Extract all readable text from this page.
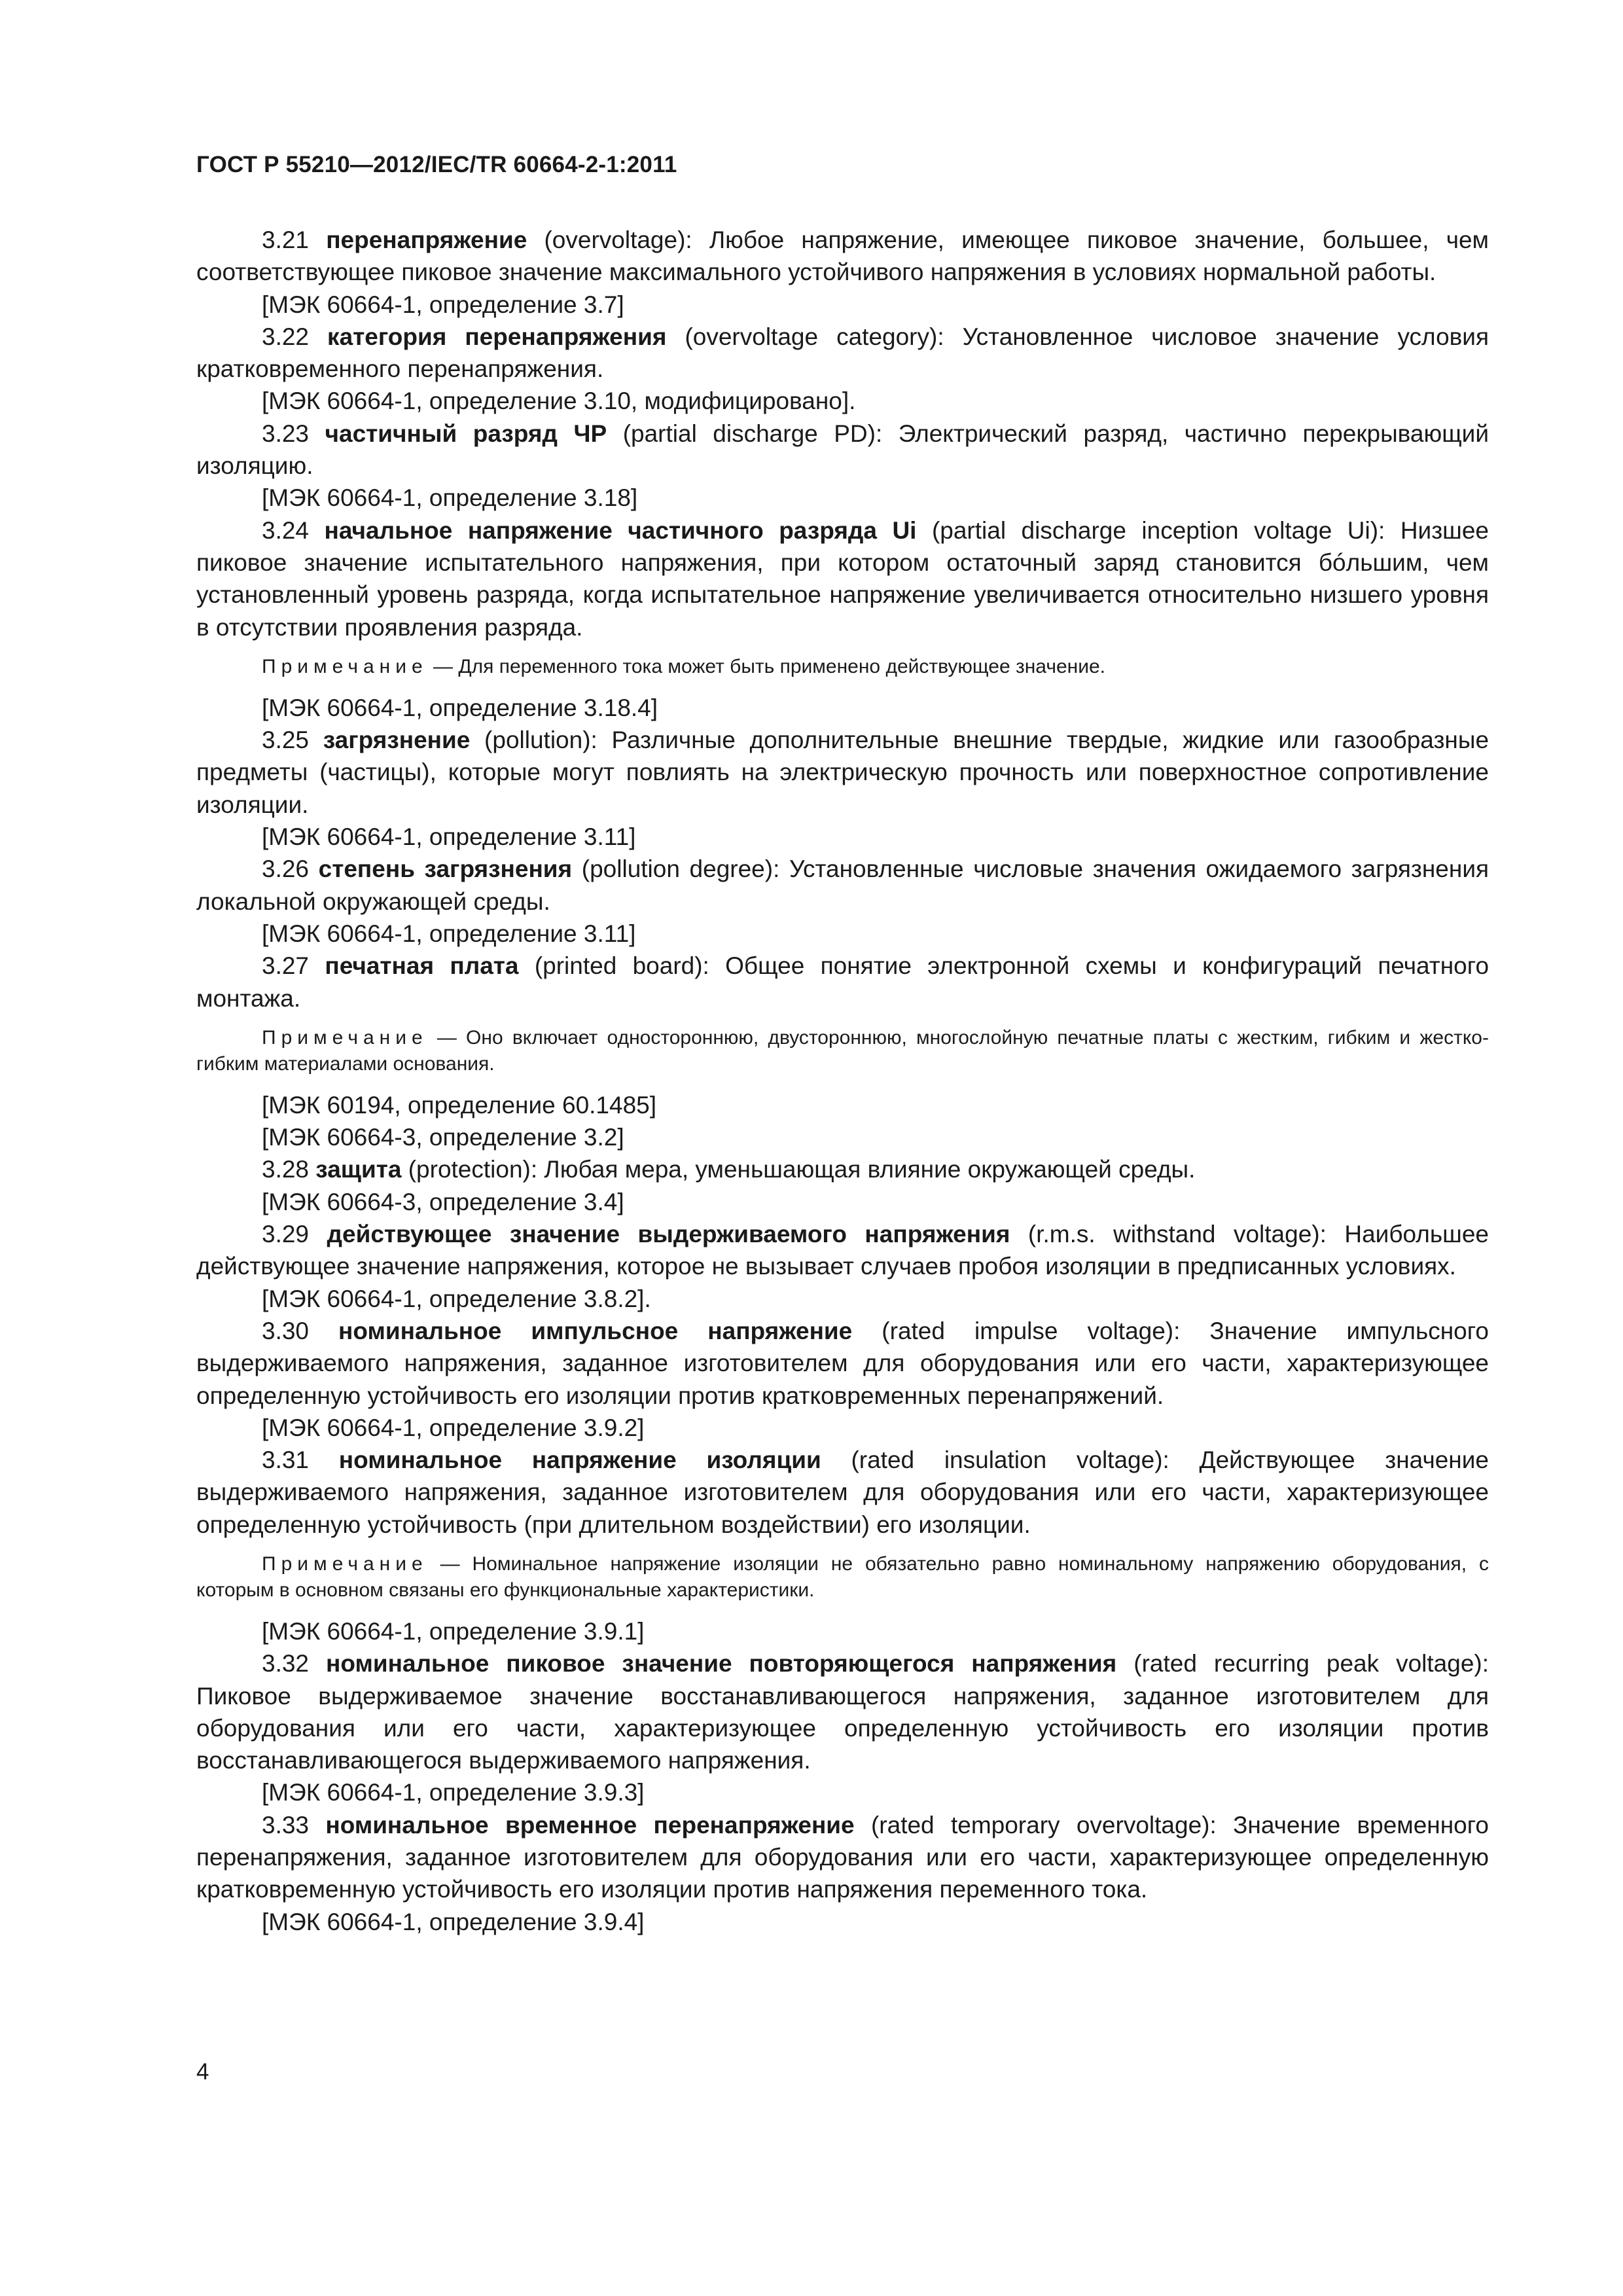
ГОСТ Р 55210—2012/IEC/TR 60664-2-1:2011

3.21 перенапряжение (overvoltage): Любое напряжение, имеющее пиковое значение, большее, чем соответствующее пиковое значение максимального устойчивого напряжения в условиях нормальной работы.

[МЭК 60664-1, определение 3.7]

3.22 категория перенапряжения (overvoltage category): Установленное числовое значение условия кратковременного перенапряжения.

[МЭК 60664-1, определение 3.10, модифицировано].

3.23 частичный разряд ЧР (partial discharge PD): Электрический разряд, частично перекрывающий изоляцию.

[МЭК 60664-1, определение 3.18]

3.24 начальное напряжение частичного разряда Ui (partial discharge inception voltage Ui): Низшее пиковое значение испытательного напряжения, при котором остаточный заряд становится бóльшим, чем установленный уровень разряда, когда испытательное напряжение увеличивается относительно низшего уровня в отсутствии проявления разряда.

Примечание — Для переменного тока может быть применено действующее значение.

[МЭК 60664-1, определение 3.18.4]

3.25 загрязнение (pollution): Различные дополнительные внешние твердые, жидкие или газообразные предметы (частицы), которые могут повлиять на электрическую прочность или поверхностное сопротивление изоляции.

[МЭК 60664-1, определение 3.11]

3.26 степень загрязнения (pollution degree): Установленные числовые значения ожидаемого загрязнения локальной окружающей среды.

[МЭК 60664-1, определение 3.11]

3.27 печатная плата (printed board): Общее понятие электронной схемы и конфигураций печатного монтажа.

Примечание — Оно включает одностороннюю, двустороннюю, многослойную печатные платы с жестким, гибким и жестко-гибким материалами основания.

[МЭК 60194, определение 60.1485]

[МЭК 60664-3, определение 3.2]

3.28 защита (protection): Любая мера, уменьшающая влияние окружающей среды.

[МЭК 60664-3, определение 3.4]

3.29 действующее значение выдерживаемого напряжения (r.m.s. withstand voltage): Наибольшее действующее значение напряжения, которое не вызывает случаев пробоя изоляции в предписанных условиях.

[МЭК 60664-1, определение 3.8.2].

3.30 номинальное импульсное напряжение (rated impulse voltage): Значение импульсного выдерживаемого напряжения, заданное изготовителем для оборудования или его части, характеризующее определенную устойчивость его изоляции против кратковременных перенапряжений.

[МЭК 60664-1, определение 3.9.2]

3.31 номинальное напряжение изоляции (rated insulation voltage): Действующее значение выдерживаемого напряжения, заданное изготовителем для оборудования или его части, характеризующее определенную устойчивость (при длительном воздействии) его изоляции.

Примечание — Номинальное напряжение изоляции не обязательно равно номинальному напряжению оборудования, с которым в основном связаны его функциональные характеристики.

[МЭК 60664-1, определение 3.9.1]

3.32 номинальное пиковое значение повторяющегося напряжения (rated recurring peak voltage): Пиковое выдерживаемое значение восстанавливающегося напряжения, заданное изготовителем для оборудования или его части, характеризующее определенную устойчивость его изоляции против восстанавливающегося выдерживаемого напряжения.

[МЭК 60664-1, определение 3.9.3]

3.33 номинальное временное перенапряжение (rated temporary overvoltage): Значение временного перенапряжения, заданное изготовителем для оборудования или его части, характеризующее определенную кратковременную устойчивость его изоляции против напряжения переменного тока.

[МЭК 60664-1, определение 3.9.4]

4
